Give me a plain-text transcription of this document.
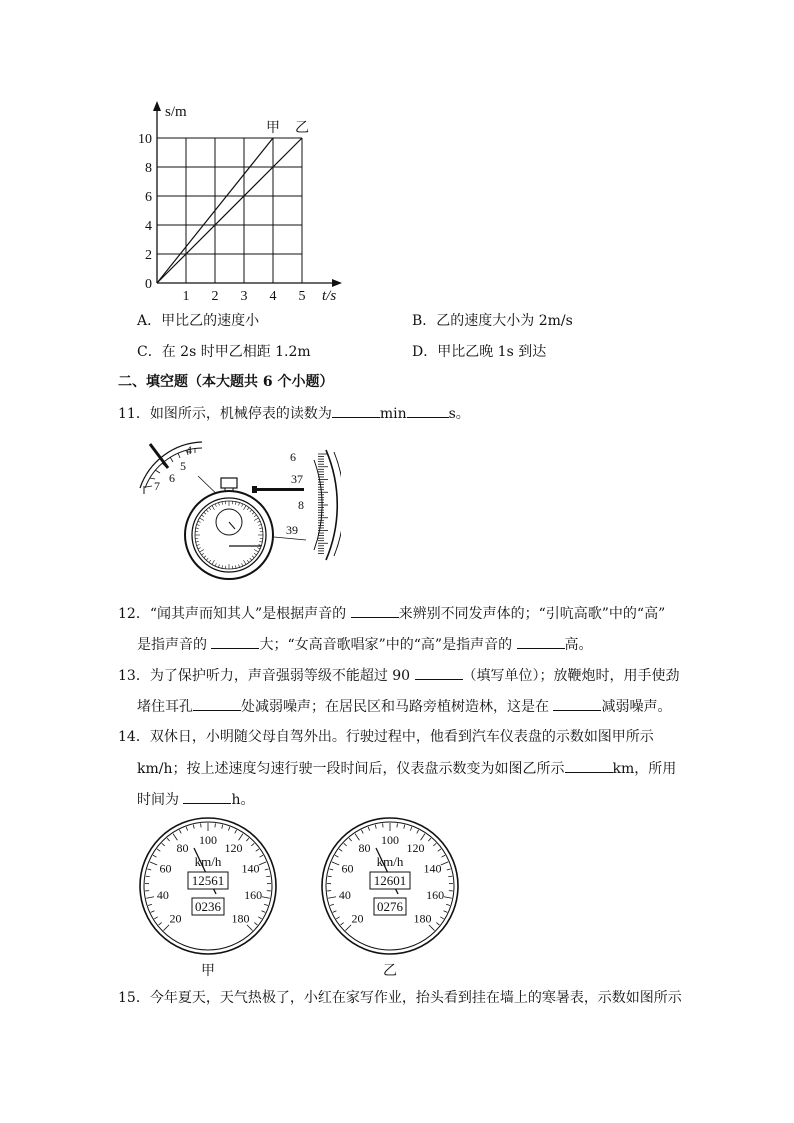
s/m
t/s
0
2
4
6
8
10
1 2 3 4 5
甲 乙
A．甲比乙的速度小	B．乙的速度大小为 2m/s
C．在 2s 时甲乙相距 1.2m	D．甲比乙晚 1s 到达
二、填空题（本大题共 6 个小题）
11．如图所示，机械停表的读数为	min	s。
4
5
6
7
6
37
8
39
12．“闻其声而知其人”是根据声音的	来辨别不同发声体的；“引吭高歌”中的“高”
是指声音的	大；“女高音歌唱家”中的“高”是指声音的	高。
13．为了保护听力，声音强弱等级不能超过 90	（填写单位）；放鞭炮时，用手使劲
堵住耳孔	处减弱噪声；在居民区和马路旁植树造林，这是在	减弱噪声。
14．双休日，小明随父母自驾外出。行驶过程中，他看到汽车仪表盘的示数如图甲所示
km/h；按上述速度匀速行驶一段时间后，仪表盘示数变为如图乙所示	km，所用
时间为	h。
20
40
60
80
100
120
140
160
180
km/h
12561
0236
甲
20
40
60
80
100
120
140
160
180
km/h
12601
0276
乙
15．今年夏天，天气热极了，小红在家写作业，抬头看到挂在墙上的寒暑表，示数如图所示
